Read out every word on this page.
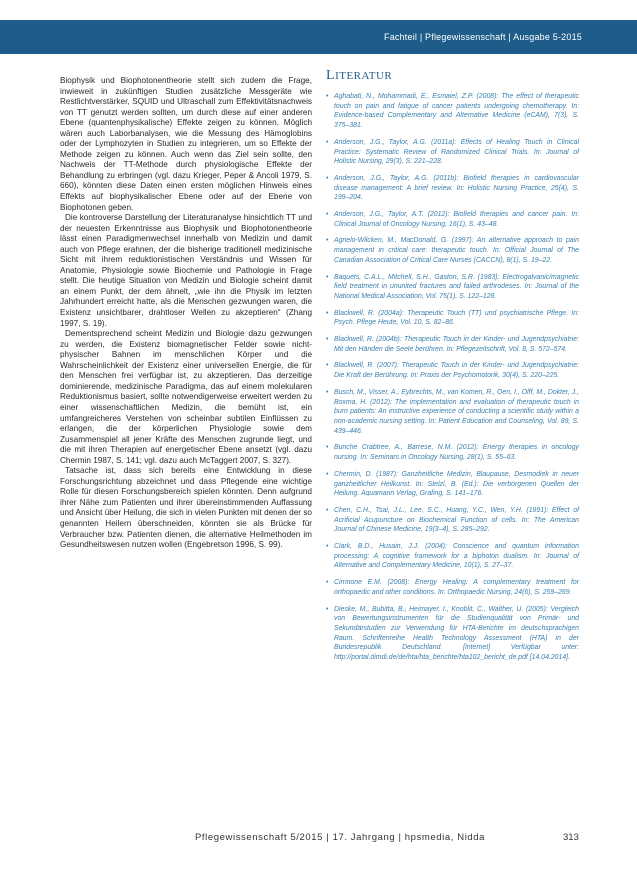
Fachteil | Pflegewissenschaft | Ausgabe 5-2015

Biophysik und Biophotonentheorie stellt sich zudem die Frage, inwieweit in zukünftigen Studien zusätzliche Messgeräte wie Restlichtverstärker, SQUID und Ultraschall zum Effektivitätsnachweis von TT genutzt werden sollten, um durch diese auf einer anderen Ebene (quantenphysikalische) Effekte zeigen zu können. Möglich wären auch Laborbanalysen, wie die Messung des Hämoglobins oder der Lymphozyten in Studien zu integrieren, um so Effekte der Methode zeigen zu können. Auch wenn das Ziel sein sollte, den Nachweis der TT-Methode durch physiologische Effekte der Behandlung zu erbringen (vgl. dazu Krieger, Peper & Ancoli 1979, S. 660), könnten diese Daten einen ersten möglichen Hinweis eines Effekts auf biophysikalischer Ebene oder auf der Ebene von Biophotonen geben.

Die kontroverse Darstellung der Literaturanalyse hinsichtlich TT und der neuesten Erkenntnisse aus Biophysik und Biophotonentheorie lässt einen Paradigmenwechsel innerhalb von Medizin und damit auch von Pflege erahnen, der die bisherige traditionell medizinische Sicht mit ihrem reduktionistischen Verständnis und Wissen für Anatomie, Physiologie sowie Biochemie und Pathologie in Frage stellt. Die heutige Situation von Medizin und Biologie scheint damit an einem Punkt, der dem ähnelt, „wie ihn die Physik im letzten Jahrhundert erreicht hatte, als die Menschen gezwungen waren, die Existenz unsichtbarer, drahtloser Wellen zu akzeptieren“ (Zhang 1997, S. 19).

Dementsprechend scheint Medizin und Biologie dazu gezwungen zu werden, die Existenz biomagnetischer Felder sowie nicht-physischer Bahnen im menschlichen Körper und die Wahrscheinlichkeit der Existenz einer universellen Energie, die für den Menschen frei verfügbar ist, zu akzeptieren. Das derzeitige dominierende, medizinische Paradigma, das auf einem molekularen Reduktionismus basiert, sollte notwendigerweise erweitert werden zu einer wissenschaftlichen Medizin, die bemüht ist, ein umfangreicheres Verstehen von scheinbar subtilen Einflüssen zu erlangen, die der körperlichen Physiologie sowie dem Zusammenspiel all jener Kräfte des Menschen zugrunde liegt, und die mit ihren Therapien auf energetischer Ebene ansetzt (vgl. dazu Chermin 1987, S. 141; vgl. dazu auch McTaggert 2007, S. 327).

Tatsache ist, dass sich bereits eine Entwicklung in diese Forschungsrichtung abzeichnet und dass Pflegende eine wichtige Rolle für diesen Forschungsbereich spielen könnten. Denn aufgrund ihrer Nähe zum Patienten und ihrer übereinstimmenden Auffassung und Ansicht über Heilung, die sich in vielen Punkten mit denen der so genannten Heilern überschneiden, könnten sie als Brücke für Verbraucher bzw. Patienten dienen, die alternative Heilmethoden im Gesundheitswesen nutzen wollen (Engebretson 1996, S. 99).

LITERATUR
• Aghabati, N., Mohammadi, E., Esmaiel, Z.P. (2008): The effect of therapeutic touch on pain and fatigue of cancer patients undergoing chemotherapy. In: Evidence-based Complementary and Alternative Medicine (eCAM), 7(3), S. 375–381.
• Anderson, J.G., Taylor, A.G. (2011a): Effects of Healing Touch in Clinical Practice: Systematic Review of Randomized Clinical Trials. In: Journal of Holistic Nursing, 29(3), S. 221–228.
• Anderson, J.G., Taylor, A.G. (2011b): Biofield therapies in cardiovascular disease management: A brief review. In: Holistic Nursing Practice, 25(4), S. 199–204.
• Anderson, J.G., Taylor, A.T. (2012): Biofield therapies and cancer pain. In: Clinical Journal of Oncology Nursing, 16(1), S. 43–48.
• Agnelo-Wilcken, M., MacDonald, G. (1997): An alternative approach to pain management in critical care: therapeutic touch. In: Official Journal of The Canadian Association of Critical Care Nurses (CACCN), 8(1), S. 19–22.
• Baquets, C.A.L., Mitchell, S.H., Gaston, S.R. (1983): Electrogalvanic/magnetic field treatment in ununited fractures and failed arthrodeses. In: Journal of the National Medical Association, Vol. 75(1), S. 122–128.
• Blackwell, R. (2004a): Therapeutic Touch (TT) und psychiatrische Pflege. In: Psych. Pflege Heute, Vol. 10, S. 82–86.
• Blackwell, R. (2004b): Therapeutic Touch in der Kinder- und Jugendpsychiatrie: Mit den Händen die Seele berühren. In: Pflegezeitschrift, Vol. 8, S. 572–574.
• Blackwell, R. (2007): Therapeutic Touch in der Kinder- und Jugendpsychiatrie: Die Kraft der Berührung. In: Praxis der Psychomotorik, 30(4), S. 220–225.
• Busch, M., Visser, A., Eybrechts, M., van Komen, R., Oen, I., Olff, M., Dokter, J., Boxma, H. (2012): The implementation and evaluation of therapeutic touch in burn patients: An instructive experience of conducting a scientific study within a non-academic nursing setting. In: Patient Education and Counseling, Vol. 89, S. 439–446.
• Bunche Crabtree, A., Barrese, N.M. (2012): Energy therapies in oncology nursing. In: Seminars in Oncology Nursing, 28(1), S. 55–63.
• Chermin, D. (1987): Ganzheitliche Medizin, Blaupause, Desmodiek in neuer ganzheitlicher Heilkunst. In: Stelzl, B. (Ed.): Die verborgenen Quellen der Heilung. Aquamarin Verlag, Grafing, S. 141–176.
• Chen, C.H., Tsai, J.L., Lee, S.C., Huang, Y.C., Wen, Y.H. (1991): Effect of Acrificial Acupuncture on Biochemical Function of cells. In: The American Journal of Chinese Medicine, 19(3–4), S. 285–292.
• Clark, B.D., Husain, J.J. (2004): Conscience and quantum information processing: A cognitive framework for a biphoton dualism. In: Journal of Alternative and Complementary Medicine, 10(1), S. 27–37.
• Cirrinone E.M. (2008): Energy Healing: A complementary treatment for orthopaedic and other conditions. In: Orthopaedic Nursing, 24(6), S. 259–269.
• Dieske, M., Bubitta, B., Heimayer, I., Knoblit, C., Walther, U. (2005): Vergleich von Bewertungsinstrumenten für die Studienqualität von Primär- und Sekundärstudien zur Verwendung für HTA-Berichte im deutschsprachigen Raum. Schriftenreihe Health Technology Assessment (HTA) in der Bundesrepublik Deutschland. [Internet] Verfügbar unter: http://portal.dimdi.de/de/hta/hta_berichte/hta102_bericht_de.pdf [14.04.2014].
Pflegewissenschaft 5/2015 | 17. Jahrgang | hpsmedia, Nidda	313
